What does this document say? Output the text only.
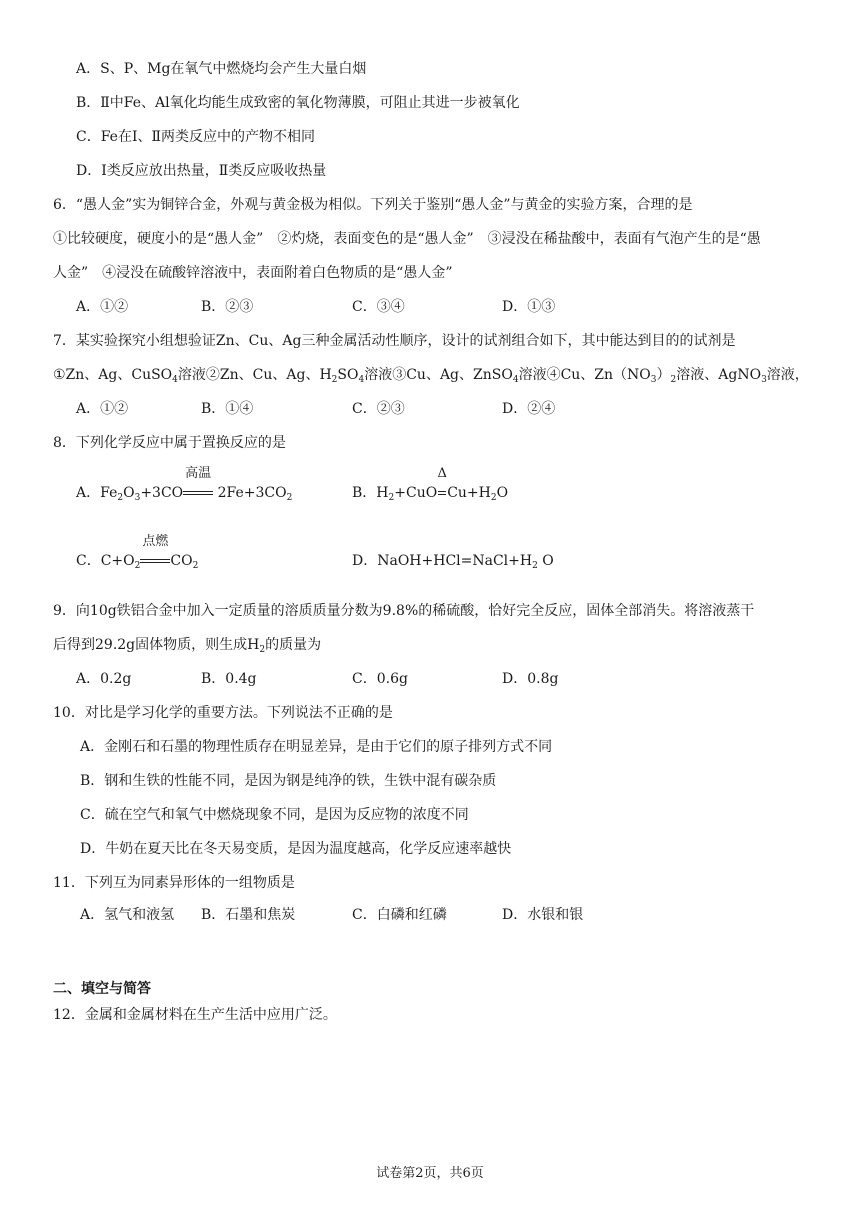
A．S、P、Mg在氧气中燃烧均会产生大量白烟
B．Ⅱ中Fe、Al氧化均能生成致密的氧化物薄膜，可阻止其进一步被氧化
C．Fe在I、Ⅱ两类反应中的产物不相同
D．I类反应放出热量，Ⅱ类反应吸收热量
6．“愚人金”实为铜锌合金，外观与黄金极为相似。下列关于鉴别“愚人金”与黄金的实验方案，合理的是
①比较硬度，硬度小的是“愚人金”　②灼烧，表面变色的是“愚人金”　③浸没在稀盐酸中，表面有气泡产生的是“愚
人金”　④浸没在硫酸锌溶液中，表面附着白色物质的是“愚人金”
A．①②	B．②③	C．③④	D．①③
7．某实验探究小组想验证Zn、Cu、Ag三种金属活动性顺序，设计的试剂组合如下，其中能达到目的的试剂是
①Zn、Ag、CuSO$_4$溶液②Zn、Cu、Ag、$H_2SO_4$溶液③Cu、Ag、ZnSO$_4$溶液④Cu、$Zn(NO_3)_2$溶液、AgNO$_3$溶液，
A．①②	B．①④	C．②③	D．②④
8．下列化学反应中属于置换反应的是
A．$Fe_2O_3+3CO$
高温
$2Fe+3CO_2$	B．$H_2+CuO$
Δ
$Cu+H_2O$
C．$C+O_2$
点燃
$CO_2$	D．$NaOH+HCl=NaCl+H_2$ O
9．向10g铁铝合金中加入一定质量的溶质质量分数为9.8%的稀硫酸，恰好完全反应，固体全部消失。将溶液蒸干
后得到29.2g固体物质，则生成$H_2$的质量为
A．0.2g	B．0.4g	C．0.6g	D．0.8g
10．对比是学习化学的重要方法。下列说法不正确的是
A．金刚石和石墨的物理性质存在明显差异，是由于它们的原子排列方式不同
B．钢和生铁的性能不同，是因为钢是纯净的铁，生铁中混有碳杂质
C．硫在空气和氧气中燃烧现象不同，是因为反应物的浓度不同
D．牛奶在夏天比在冬天易变质，是因为温度越高，化学反应速率越快
11．下列互为同素异形体的一组物质是
A．氢气和液氢 B．石墨和焦炭	C．白磷和红磷	D．水银和银
二、填空与简答
12．金属和金属材料在生产生活中应用广泛。
试卷第2页，共6页
